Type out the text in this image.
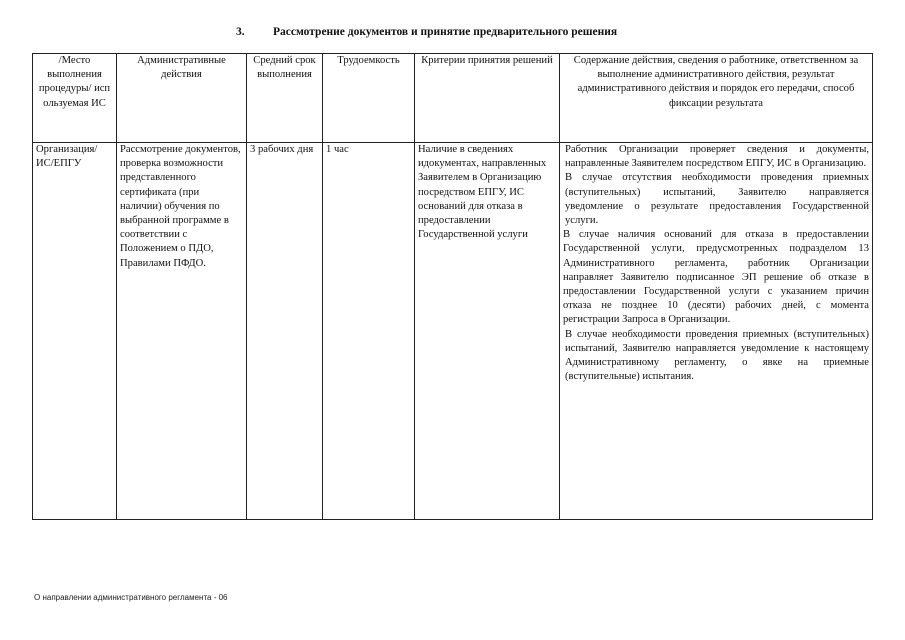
3. Рассмотрение документов и принятие предварительного решения
/Место выполнения процедуры/ исп ользуемая ИС	Административные действия	Средний срок выполнения	Трудоемкость	Критерии принятия решений	Содержание действия, сведения о работнике, ответственном за выполнение административного действия, результат административного действия и порядок его передачи, способ фиксации результата
Организация/ ИС/ЕПГУ	Рассмотрение документов, проверка возможности представленного сертификата (при наличии) обучения по выбранной программе в соответствии с Положением о ПДО, Правилами ПФДО.	3 рабочих дня	1 час	Наличие в сведениях идокументах, направленных Заявителем в Организацию посредством ЕПГУ, ИС оснований для отказа в предоставлении Государственной услуги	Работник Организации проверяет сведения и документы, направленные Заявителем посредством ЕПГУ, ИС в Организацию.

В случае отсутствия необходимости проведения приемных (вступительных) испытаний, Заявителю направляется уведомление о результате предоставления Государственной услуги.

В случае наличия оснований для отказа в предоставлении Государственной услуги, предусмотренных подразделом 13 Административного регламента, работник Организации направляет Заявителю подписанное ЭП решение об отказе в предоставлении Государственной услуги с указанием причин отказа не позднее 10 (десяти) рабочих дней, с момента регистрации Запроса в Организации.

В случае необходимости проведения приемных (вступительных) испытаний, Заявителю направляется уведомление к настоящему Административному регламенту, о явке на приемные (вступительные) испытания.

О направлении административного регламента - 06
